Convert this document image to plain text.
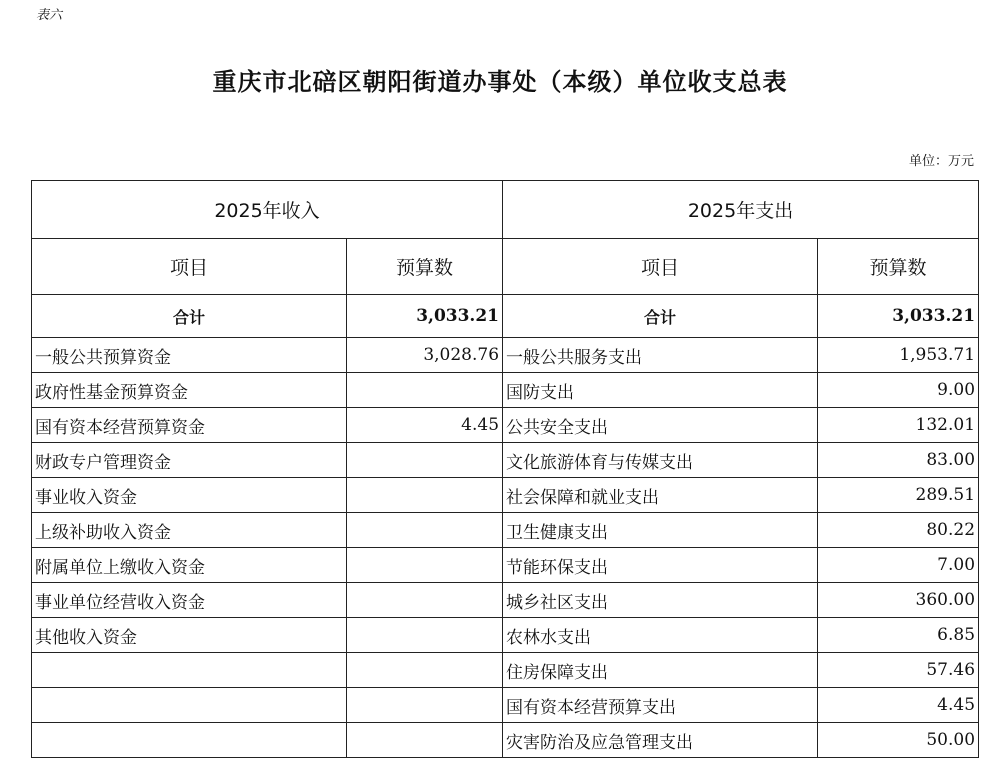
表六
重庆市北碚区朝阳街道办事处（本级）单位收支总表
单位：万元
2025年收入		2025年支出	
项目	预算数	项目	预算数
合计	3,033.21	合计	3,033.21
一般公共预算资金	3,028.76	一般公共服务支出	1,953.71
政府性基金预算资金		国防支出	9.00
国有资本经营预算资金	4.45	公共安全支出	132.01
财政专户管理资金		文化旅游体育与传媒支出	83.00
事业收入资金		社会保障和就业支出	289.51
上级补助收入资金		卫生健康支出	80.22
附属单位上缴收入资金		节能环保支出	7.00
事业单位经营收入资金		城乡社区支出	360.00
其他收入资金		农林水支出	6.85
		住房保障支出	57.46
		国有资本经营预算支出	4.45
		灾害防治及应急管理支出	50.00
